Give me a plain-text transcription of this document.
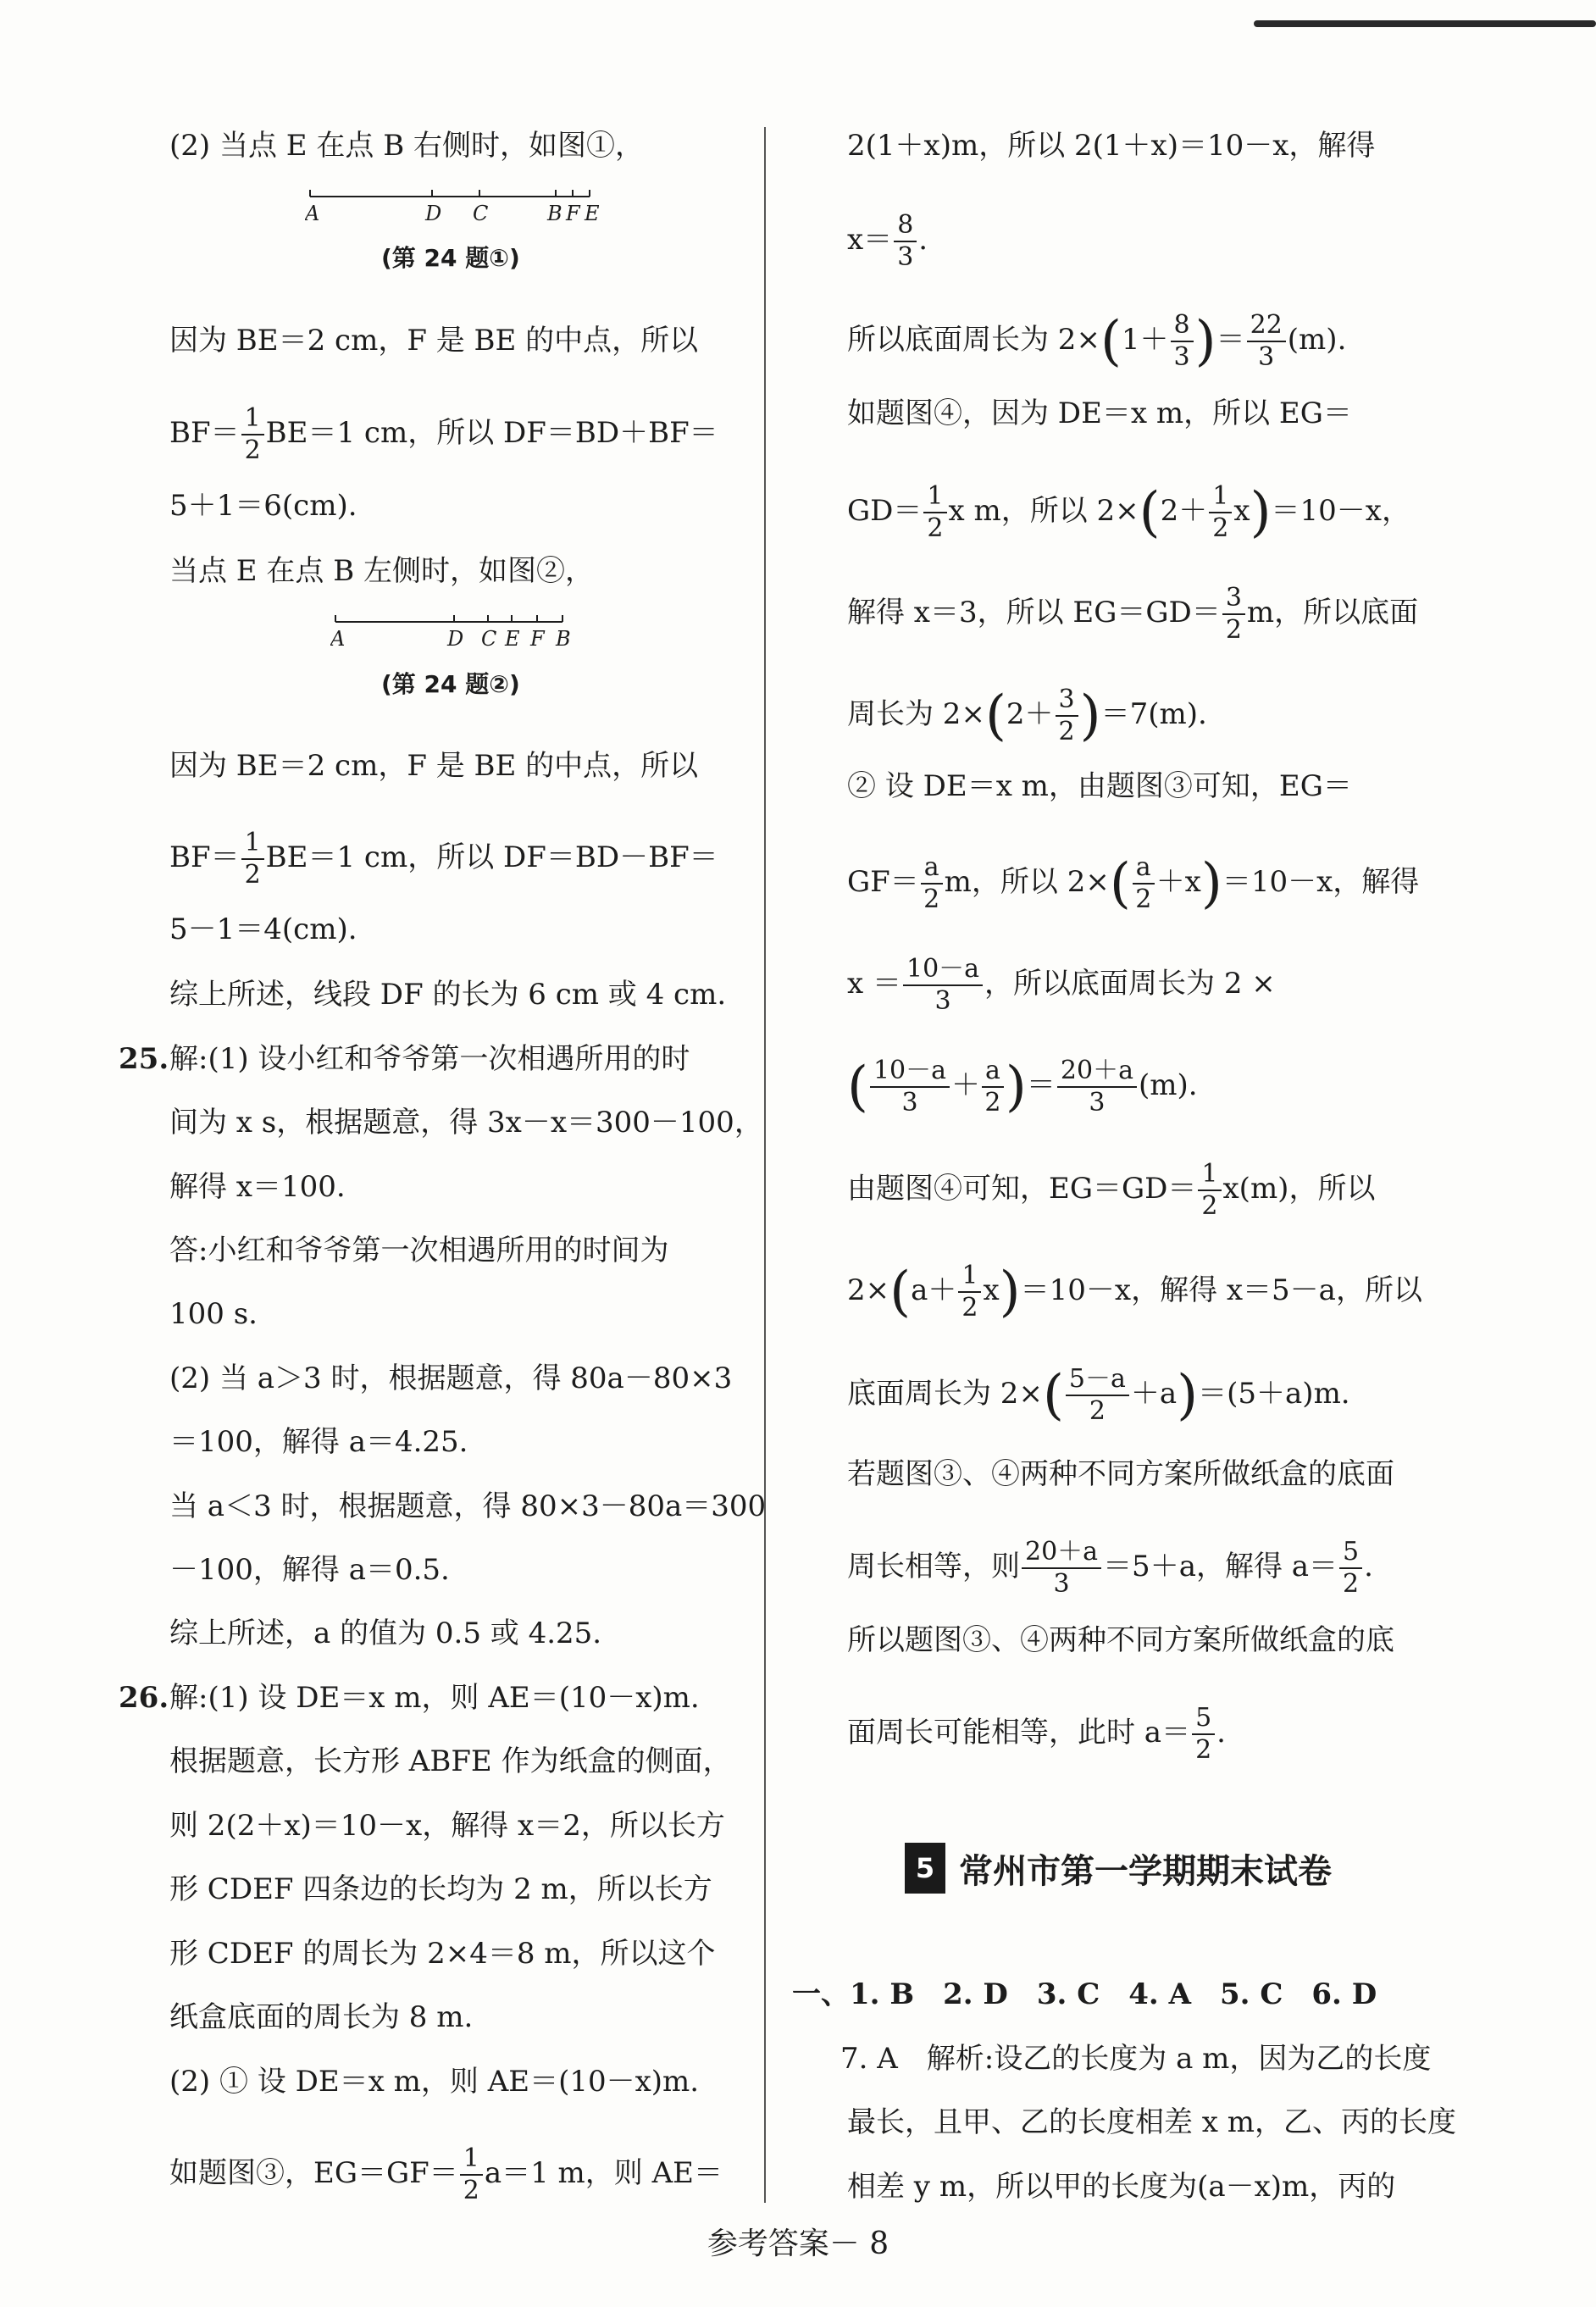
(2) 当点 E 在点 B 右侧时，如图①，
A	D C	B F E
(第 24 题①)
因为 BE＝2 cm，F 是 BE 的中点，所以
$BF= \frac{1}{2} BE=1$ cm，所以 DF＝BD＋BF＝
5＋1＝6(cm).
当点 E 在点 B 左侧时，如图②，
A	D C E F B
(第 24 题②)
因为 BE＝2 cm，F 是 BE 的中点，所以
$BF= \frac{1}{2} BE=1$ cm，所以 DF＝BD－BF＝
5－1＝4(cm).
综上所述，线段 DF 的长为 6 cm 或 4 cm.
25. 解:(1) 设小红和爷爷第一次相遇所用的时
间为 x s，根据题意，得 3x－x＝300－100，
解得 x＝100.
答:小红和爷爷第一次相遇所用的时间为
100 s.
(2) 当 a＞3 时，根据题意，得 80a－80×3
＝100，解得 a＝4.25.
当 a＜3 时，根据题意，得 80×3－80a＝300
－100，解得 a＝0.5.
综上所述，a 的值为 0.5 或 4.25.
26. 解:(1) 设 DE＝x m，则 AE＝(10－x)m.
根据题意，长方形 ABFE 作为纸盒的侧面，
则 2(2＋x)＝10－x，解得 x＝2，所以长方
形 CDEF 四条边的长均为 2 m，所以长方
形 CDEF 的周长为 2×4＝8 m，所以这个
纸盒底面的周长为 8 m.
(2) ① 设 DE＝x m，则 AE＝(10－x)m.
如题图③，$EG=GF= \frac{1}{2} a=1$ m，则 AE＝
2(1＋x)m，所以 2(1＋x)＝10－x，解得
$x= \frac{8}{3}$ .
所以底面周长为 $2\times(1+ \frac{8}{3}$ )＝ $\frac{22}{3} (m)$.
如题图④，因为 DE＝x m，所以 EG＝
$GD= \frac{1}{2}$ x m，所以 $2\times(2+ \frac{1}{2} x)=10-x$，
解得 x＝3，所以 $EG=GD= \frac{3}{2}$ m，所以底面
周长为 $2\times(2+ \frac{3}{2} )=7(m)$.
② 设 DE＝x m，由题图③可知，EG＝
$GF= \frac{a}{2}$ m，所以 $2\times( \frac{a}{2} +x)=10-x$，解得
$x = \frac{10-a}{3}$ ，所以底面周长为 2 ×
( $\frac{10-a}{3} + \frac{a}{2}$ )＝ $\frac{20+a}{3} (m)$.
由题图④可知，$EG=GD= \frac{1}{2} x(m)$，所以
$2\times(a+ \frac{1}{2} x)=10-x$，解得 x＝5－a，所以
底面周长为 $2\times( \frac{5-a}{2} +a)=(5+a)m$.
若题图③、④两种不同方案所做纸盒的底面
周长相等，则 $\frac{20+a}{3} =5+a$，解得 $a= \frac{5}{2}$ .
所以题图③、④两种不同方案所做纸盒的底
面周长可能相等，此时 $a= \frac{5}{2}$ .
5 常州市第一学期期末试卷
一、1. B　2. D　3. C　4. A　5. C　6. D
7. A　解析:设乙的长度为 a m，因为乙的长度
最长，且甲、乙的长度相差 x m，乙、丙的长度
相差 y m，所以甲的长度为(a－x)m，丙的
参考答案－ 8
